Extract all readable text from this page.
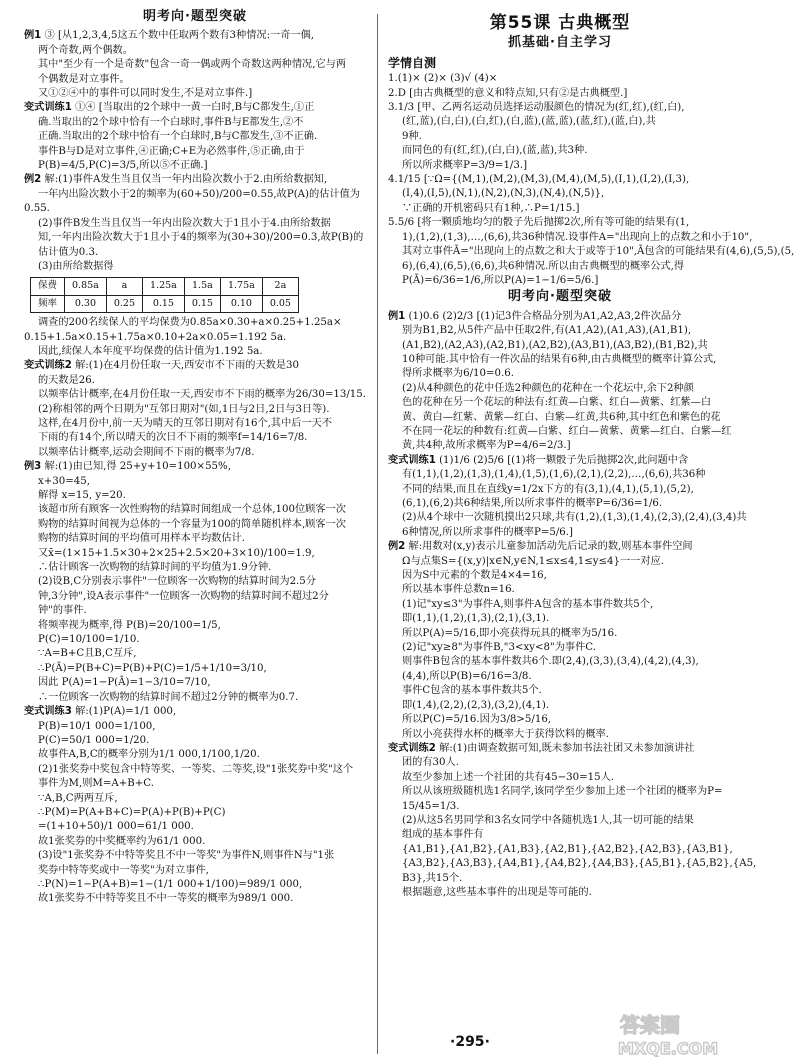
明考向·题型突破
例1 ③ [从1,2,3,4,5这五个数中任取两个数有3种情况:一奇一偶,
两个奇数,两个偶数。
其中"至少有一个是奇数"包含一奇一偶或两个奇数这两种情况,它与两
个偶数是对立事件。
又①②④中的事件可以同时发生,不是对立事件.]
变式训练1 ①④ [当取出的2个球中一黄一白时,B与C都发生,①正
确.当取出的2个球中恰有一个白球时,事件B与E都发生,②不
正确.当取出的2个球中恰有一个白球时,B与C都发生,③不正确.
事件B与D是对立事件,④正确;C+E为必然事件,⑤正确,由于
P(B)=4/5,P(C)=3/5,所以⑤不正确.]
例2 解:(1)事件A发生当且仅当一年内出险次数小于2.由所给数据知,
一年内出险次数小于2的频率为(60+50)/200=0.55,故P(A)的估计值为
0.55.
(2)事件B发生当且仅当一年内出险次数大于1且小于4.由所给数据
知,一年内出险次数大于1且小于4的频率为(30+30)/200=0.3,故P(B)的
估计值为0.3.
(3)由所给数据得
保费	0.85a	a	1.25a	1.5a	1.75a	2a
频率	0.30	0.25	0.15	0.15	0.10	0.05
调查的200名续保人的平均保费为0.85a×0.30+a×0.25+1.25a×
0.15+1.5a×0.15+1.75a×0.10+2a×0.05=1.192 5a.
因此,续保人本年度平均保费的估计值为1.192 5a.
变式训练2 解:(1)在4月份任取一天,西安市不下雨的天数是30
的天数是26.
以频率估计概率,在4月份任取一天,西安市不下雨的概率为26/30=13/15.
(2)称相邻的两个日期为"互邻日期对"(如,1日与2日,2日与3日等).
这样,在4月份中,前一天为晴天的互邻日期对有16个,其中后一天不
下雨的有14个,所以晴天的次日不下雨的频率f=14/16=7/8.
以频率估计概率,运动会期间不下雨的概率为7/8.
例3 解:(1)由已知,得 25+y+10=100×55%,
x+30=45,
解得 x=15, y=20.
该超市所有顾客一次性购物的结算时间组成一个总体,100位顾客一次
购物的结算时间视为总体的一个容量为100的简单随机样本,顾客一次
购物的结算时间的平均值可用样本平均数估计.
又x̄=(1×15+1.5×30+2×25+2.5×20+3×10)/100=1.9,
∴估计顾客一次购物的结算时间的平均值为1.9分钟.
(2)设B,C分别表示事件"一位顾客一次购物的结算时间为2.5分
钟,3分钟",设A表示事件"一位顾客一次购物的结算时间不超过2分
钟"的事件.
将频率视为概率,得 P(B)=20/100=1/5,
P(C)=10/100=1/10.
∵A=B+C且B,C互斥,
∴P(Ā)=P(B+C)=P(B)+P(C)=1/5+1/10=3/10,
因此 P(A)=1−P(Ā)=1−3/10=7/10,
∴一位顾客一次购物的结算时间不超过2分钟的概率为0.7.
变式训练3 解:(1)P(A)=1/1 000,
P(B)=10/1 000=1/100,
P(C)=50/1 000=1/20.
故事件A,B,C的概率分别为1/1 000,1/100,1/20.
(2)1张奖券中奖包含中特等奖、一等奖、二等奖,设"1张奖券中奖"这个
事件为M,则M=A+B+C.
∵A,B,C两两互斥,
∴P(M)=P(A+B+C)=P(A)+P(B)+P(C)
=(1+10+50)/1 000=61/1 000.
故1张奖券的中奖概率约为61/1 000.
(3)设"1张奖券不中特等奖且不中一等奖"为事件N,则事件N与"1张
奖券中特等奖或中一等奖"为对立事件,
∴P(N)=1−P(A+B)=1−(1/1 000+1/100)=989/1 000,
故1张奖券不中特等奖且不中一等奖的概率为989/1 000.
第55课 古典概型
抓基础·自主学习
学情自测
1.(1)× (2)× (3)√ (4)×
2.D [由古典概型的意义和特点知,只有②是古典概型.]
3.1/3 [甲、乙两名运动员选择运动服颜色的情况为(红,红),(红,白),
(红,蓝),(白,白),(白,红),(白,蓝),(蓝,蓝),(蓝,红),(蓝,白),共
9种.
而同色的有(红,红),(白,白),(蓝,蓝),共3种.
所以所求概率P=3/9=1/3.]
4.1/15 [∵Ω={(M,1),(M,2),(M,3),(M,4),(M,5),(I,1),(I,2),(I,3),
(I,4),(I,5),(N,1),(N,2),(N,3),(N,4),(N,5)},
∵正确的开机密码只有1种,∴P=1/15.]
5.5/6 [将一颗质地均匀的骰子先后抛掷2次,所有等可能的结果有(1,
1),(1,2),(1,3),…,(6,6),共36种情况.设事件A="出现向上的点数之和小于10",
其对立事件Ā="出现向上的点数之和大于或等于10",Ā包含的可能结果有(4,6),(5,5),(5,
6),(6,4),(6,5),(6,6),共6种情况.所以由古典概型的概率公式,得
P(Ā)=6/36=1/6,所以P(A)=1−1/6=5/6.]
明考向·题型突破
例1 (1)0.6 (2)2/3 [(1)记3件合格品分别为A1,A2,A3,2件次品分
别为B1,B2,从5件产品中任取2件,有(A1,A2),(A1,A3),(A1,B1),
(A1,B2),(A2,A3),(A2,B1),(A2,B2),(A3,B1),(A3,B2),(B1,B2),共
10种可能.其中恰有一件次品的结果有6种,由古典概型的概率计算公式,
得所求概率为6/10=0.6.
(2)从4种颜色的花中任选2种颜色的花种在一个花坛中,余下2种颜
色的花种在另一个花坛的种法有:红黄—白紫、红白—黄紫、红紫—白
黄、黄白—红紫、黄紫—红白、白紫—红黄,共6种,其中红色和紫色的花
不在同一花坛的种数有:红黄—白紫、红白—黄紫、黄紫—红白、白紫—红
黄,共4种,故所求概率为P=4/6=2/3.]
变式训练1 (1)1/6 (2)5/6 [(1)将一颗骰子先后抛掷2次,此问题中含
有(1,1),(1,2),(1,3),(1,4),(1,5),(1,6),(2,1),(2,2),…,(6,6),共36种
不同的结果,而且在直线y=1/2x下方的有(3,1),(4,1),(5,1),(5,2),
(6,1),(6,2)共6种结果,所以所求事件的概率P=6/36=1/6.
(2)从4个球中一次随机摸出2只球,共有(1,2),(1,3),(1,4),(2,3),(2,4),(3,4)共
6种情况,所以所求事件的概率P=5/6.]
例2 解:用数对(x,y)表示儿童参加活动先后记录的数,则基本事件空间
Ω与点集S={(x,y)|x∈N,y∈N,1≤x≤4,1≤y≤4}一一对应.
因为S中元素的个数是4×4=16,
所以基本事件总数n=16.
(1)记"xy≤3"为事件A,则事件A包含的基本事件数共5个,
即(1,1),(1,2),(1,3),(2,1),(3,1).
所以P(A)=5/16,即小亮获得玩具的概率为5/16.
(2)记"xy≥8"为事件B,"3<xy<8"为事件C.
则事件B包含的基本事件数共6个.即(2,4),(3,3),(3,4),(4,2),(4,3),
(4,4),所以P(B)=6/16=3/8.
事件C包含的基本事件数共5个.
即(1,4),(2,2),(2,3),(3,2),(4,1).
所以P(C)=5/16.因为3/8>5/16,
所以小亮获得水杯的概率大于获得饮料的概率.
变式训练2 解:(1)由调查数据可知,既未参加书法社团又未参加演讲社
团的有30人.
故至少参加上述一个社团的共有45−30=15人.
所以从该班级随机选1名同学,该同学至少参加上述一个社团的概率为P=
15/45=1/3.
(2)从这5名男同学和3名女同学中各随机选1人,其一切可能的结果
组成的基本事件有
{A1,B1},{A1,B2},{A1,B3},{A2,B1},{A2,B2},{A2,B3},{A3,B1},
{A3,B2},{A3,B3},{A4,B1},{A4,B2},{A4,B3},{A5,B1},{A5,B2},{A5,
B3},共15个.
根据题意,这些基本事件的出现是等可能的.
·295·
答案圈
MXQE.COM
